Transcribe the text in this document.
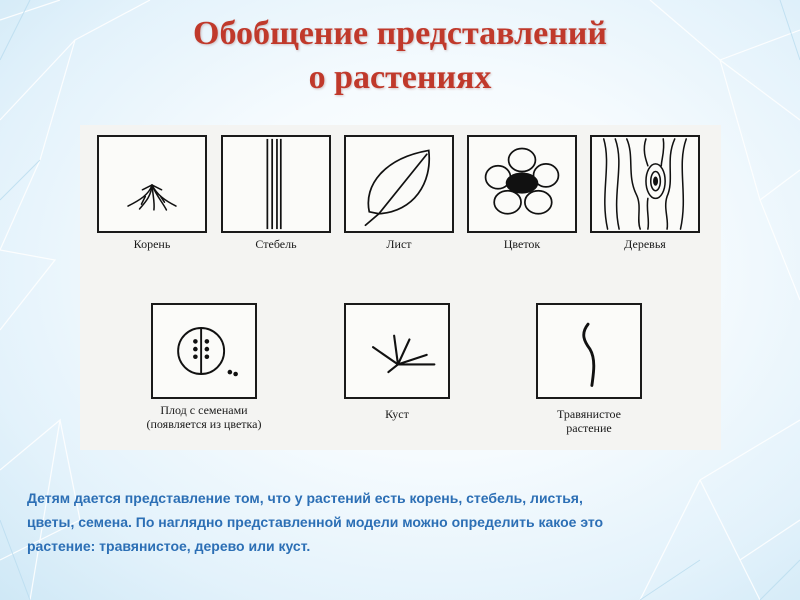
Обобщение представлений
о растениях
Корень	Стебель	Лист	Цветок	Деревья
Плод с семенами
(появляется из цветка)
Куст	Травянистое
растение
Детям дается представление том, что у растений есть корень, стебель, листья,
цветы, семена. По наглядно представленной модели можно определить какое это
растение: травянистое, дерево или куст.
